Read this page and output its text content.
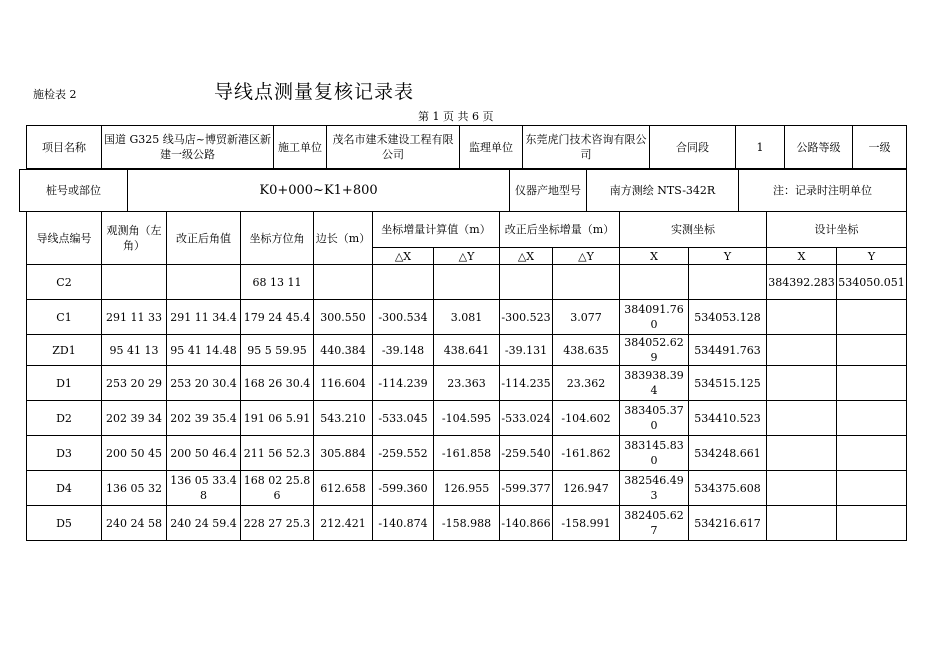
施检表 2	导线点测量复核记录表
第 1 页 共 6 页
项目名称	国道 G325 线马店~博贸新港区新建一级公路	施工单位	茂名市建禾建设工程有限公司	监理单位	东莞虎门技术咨询有限公司	合同段	1	公路等级	一级
桩号或部位	K0+000~K1+800	仪器产地型号	南方测绘 NTS-342R	注：记录时注明单位
导线点编号	观测角（左角）	改正后角值	坐标方位角	边长（m）	坐标增量计算值（m）		改正后坐标增量（m）		实测坐标		设计坐标	
					△X	△Y	△X	△Y	X	Y	X	Y
C2			68 13 11								384392.283	534050.051
C1	291 11 33	291 11 34.4	179 24 45.4	300.550	-300.534	3.081	-300.523	3.077	384091.760	534053.128		
ZD1	95 41 13	95 41 14.48	95 5 59.95	440.384	-39.148	438.641	-39.131	438.635	384052.629	534491.763		
D1	253 20 29	253 20 30.4	168 26 30.4	116.604	-114.239	23.363	-114.235	23.362	383938.394	534515.125		
D2	202 39 34	202 39 35.4	191 06 5.91	543.210	-533.045	-104.595	-533.024	-104.602	383405.370	534410.523		
D3	200 50 45	200 50 46.4	211 56 52.3	305.884	-259.552	-161.858	-259.540	-161.862	383145.830	534248.661		
D4	136 05 32	136 05 33.48	168 02 25.86	612.658	-599.360	126.955	-599.377	126.947	382546.493	534375.608		
D5	240 24 58	240 24 59.4	228 27 25.3	212.421	-140.874	-158.988	-140.866	-158.991	382405.627	534216.617		
